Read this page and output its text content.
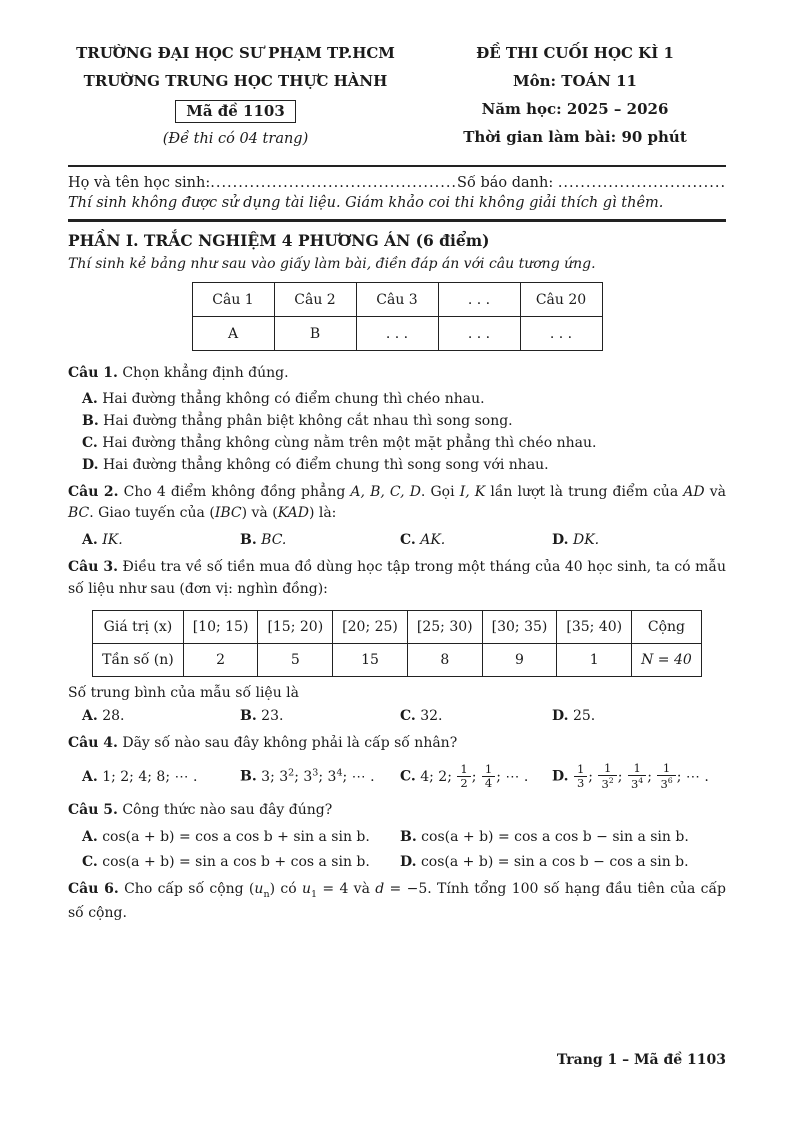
TRƯỜNG ĐẠI HỌC SƯ PHẠM TP.HCM
TRƯỜNG TRUNG HỌC THỰC HÀNH
Mã đề 1103
(Đề thi có 04 trang)
ĐỀ THI CUỐI HỌC KÌ 1
Môn: TOÁN 11
Năm học: 2025 – 2026
Thời gian làm bài: 90 phút
Họ và tên học sinh:............................................Số báo danh: ..............................
Thí sinh không được sử dụng tài liệu. Giám khảo coi thi không giải thích gì thêm.
PHẦN I. TRẮC NGHIỆM 4 PHƯƠNG ÁN (6 điểm)
Thí sinh kẻ bảng như sau vào giấy làm bài, điền đáp án với câu tương ứng.
Câu 1	Câu 2	Câu 3	. . .	Câu 20
A	B	. . .	. . .	. . .

Câu 1. Chọn khẳng định đúng.

A. Hai đường thẳng không có điểm chung thì chéo nhau.
B. Hai đường thẳng phân biệt không cắt nhau thì song song.
C. Hai đường thẳng không cùng nằm trên một mặt phẳng thì chéo nhau.
D. Hai đường thẳng không có điểm chung thì song song với nhau.

Câu 2. Cho 4 điểm không đồng phẳng A, B, C, D. Gọi I, K lần lượt là trung điểm của AD và BC. Giao tuyến của (IBC) và (KAD) là:

A. IK.	B. BC.	C. AK.	D. DK.

Câu 3. Điều tra về số tiền mua đồ dùng học tập trong một tháng của 40 học sinh, ta có mẫu số liệu như sau (đơn vị: nghìn đồng):

Giá trị (x)	[10; 15)	[15; 20)	[20; 25)	[25; 30)	[30; 35)	[35; 40)	Cộng
Tần số (n)	2	5	15	8	9	1	N = 40

Số trung bình của mẫu số liệu là

A. 28.	B. 23.	C. 32.	D. 25.

Câu 4. Dãy số nào sau đây không phải là cấp số nhân?

A. 1; 2; 4; 8; ⋯ .	B. 3; $3^2$; $3^3$; $3^4$; ⋯ .	C. 4; 2; $\frac{1}{2}$ ; $\frac{1}{4}$ ; ⋯ .	D. $\frac{1}{3}$ ; $\frac{1}{3^2}$ ; $\frac{1}{3^4}$ ; $\frac{1}{3^6}$ ; ⋯ .

Câu 5. Công thức nào sau đây đúng?

A. cos(a + b) = cos a cos b + sin a sin b.	B. cos(a + b) = cos a cos b − sin a sin b.
C. cos(a + b) = sin a cos b + cos a sin b.	D. cos(a + b) = sin a cos b − cos a sin b.

Câu 6. Cho cấp số cộng $(u_n)$ có $u_1 = 4$ và d = −5. Tính tổng 100 số hạng đầu tiên của cấp số cộng.

Trang 1 – Mã đề 1103
